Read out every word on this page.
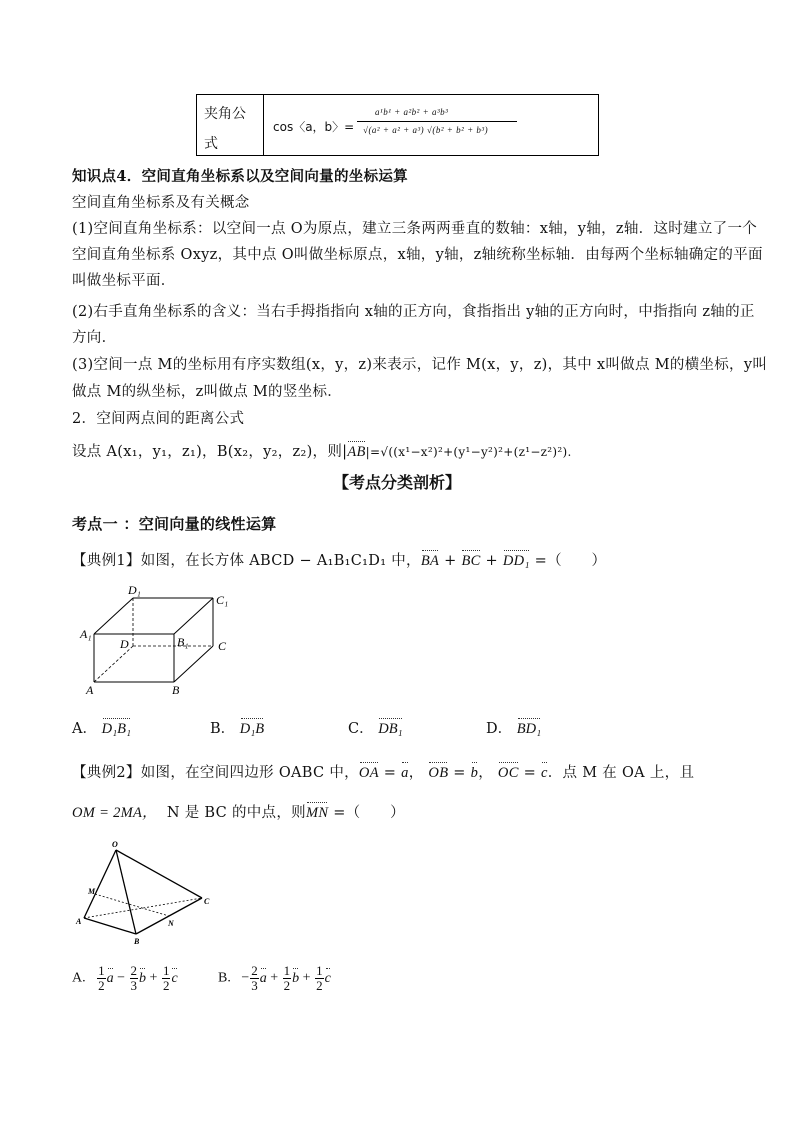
夹角公
式
cos〈a，b〉=
a¹b¹ + a²b² + a³b³
√(a² + a² + a³) √(b² + b² + b³)
知识点4．空间直角坐标系以及空间向量的坐标运算
空间直角坐标系及有关概念
(1)空间直角坐标系：以空间一点 O为原点，建立三条两两垂直的数轴：x轴，y轴，z轴．这时建立了一个
空间直角坐标系 Oxyz，其中点 O叫做坐标原点，x轴，y轴，z轴统称坐标轴．由每两个坐标轴确定的平面
叫做坐标平面．
(2)右手直角坐标系的含义：当右手拇指指向 x轴的正方向，食指指出 y轴的正方向时，中指指向 z轴的正
方向．
(3)空间一点 M的坐标用有序实数组(x，y，z)来表示，记作 M(x，y，z)，其中 x叫做点 M的横坐标，y叫
做点 M的纵坐标，z叫做点 M的竖坐标．
2．空间两点间的距离公式
设点 A(x₁，y₁，z₁)，B(x₂，y₂，z₂)，则|AB|=√((x¹−x²)²+(y¹−y²)²+(z¹−z²)²).
【考点分类剖析】
考点一 ：空间向量的线性运算
【典例1】如图，在长方体 ABCD − A₁B₁C₁D₁ 中，BA + BC + DD₁ =（　　）
A	B
C
D
A₁
B₁
C₁
D₁
A． D₁B₁	B． D₁B	C． DB₁	D． BD₁
【典例2】如图，在空间四边形 OABC 中，OA = a， OB = b， OC = c．点 M 在 OA 上，且
OM = 2MA， N 是 BC 的中点，则MN =（　　）
O
M
A
B
C
N
A. $\frac{1}{2}$ $a - \frac{2}{3}$ $b + \frac{1}{2}$ c	B.   − $\frac{2}{3}$ $a + \frac{1}{2}$ $b + \frac{1}{2}$ c
